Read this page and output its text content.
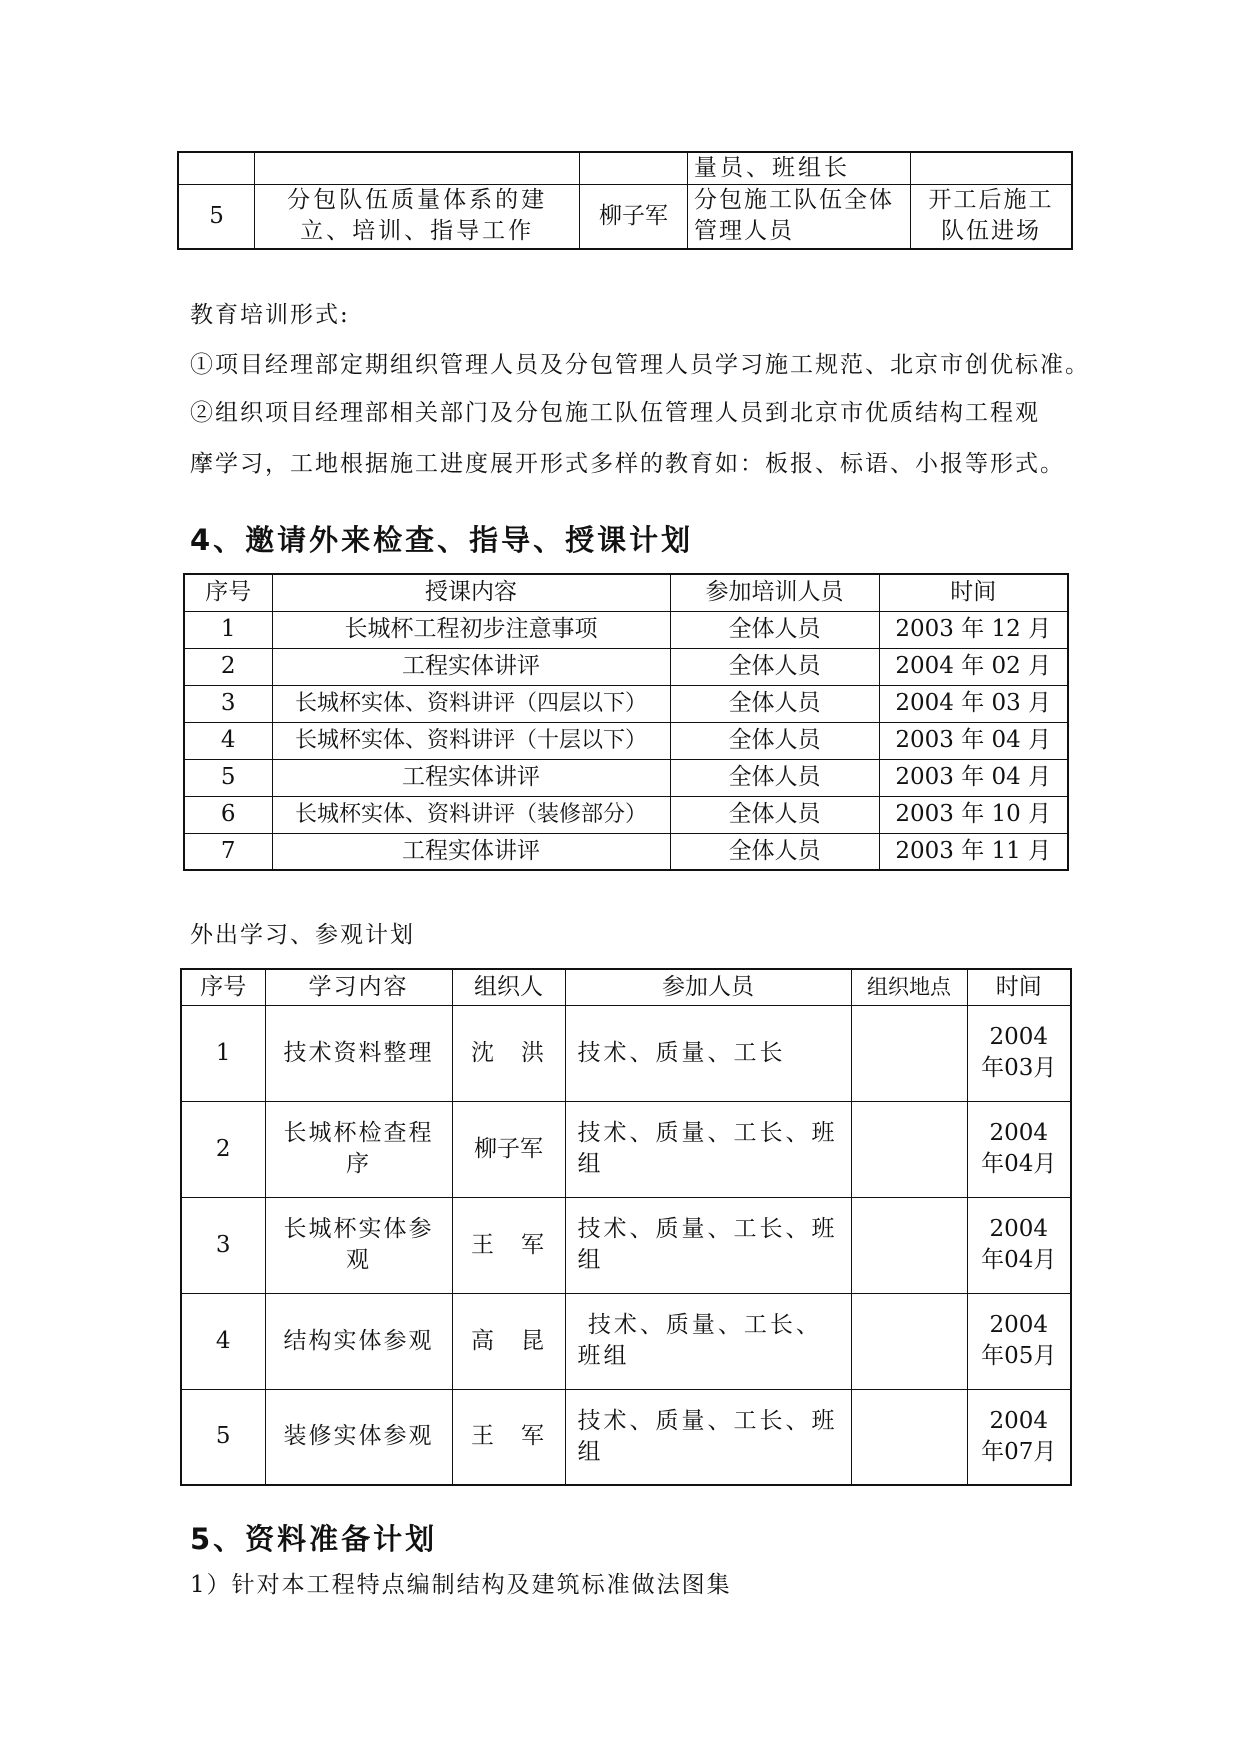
			量员、班组长	
5	分包队伍质量体系的建立、培训、指导工作	柳子军	分包施工队伍全体管理人员	开工后施工队伍进场
教育培训形式:
①项目经理部定期组织管理人员及分包管理人员学习施工规范、北京市创优标准。
②组织项目经理部相关部门及分包施工队伍管理人员到北京市优质结构工程观
摩学习，工地根据施工进度展开形式多样的教育如：板报、标语、小报等形式。
4、邀请外来检查、指导、授课计划
序号	授课内容	参加培训人员	时间
1	长城杯工程初步注意事项	全体人员	2003 年 12 月
2	工程实体讲评	全体人员	2004 年 02 月
3	长城杯实体、资料讲评（四层以下）	全体人员	2004 年 03 月
4	长城杯实体、资料讲评（十层以下）	全体人员	2003 年 04 月
5	工程实体讲评	全体人员	2003 年 04 月
6	长城杯实体、资料讲评（装修部分）	全体人员	2003 年 10 月
7	工程实体讲评	全体人员	2003 年 11 月
外出学习、参观计划
序号	学习内容	组织人	参加人员	组织地点	时间
1	技术资料整理	沈　洪	技术、质量、工长		2004年03月
2	长城杯检查程序	柳子军	技术、质量、工长、班组		2004年04月
3	长城杯实体参观	王　军	技术、质量、工长、班组		2004年04月
4	结构实体参观	高　昆	技术、质量、工长、班组		2004年05月
5	装修实体参观	王　军	技术、质量、工长、班组		2004年07月
5、资料准备计划
1）针对本工程特点编制结构及建筑标准做法图集
